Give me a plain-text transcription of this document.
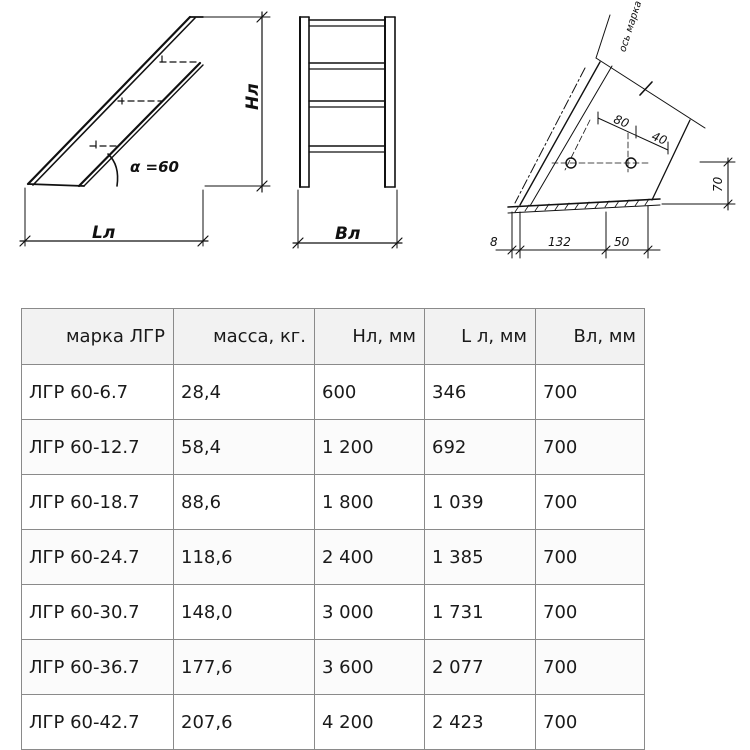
α =60
Hл
Lл	Bл
ось марка
80
40
70
8	132	50
марка ЛГР	масса, кг.	Нл, мм	L л, мм	Вл, мм
ЛГР 60-6.7	28,4	600	346	700
ЛГР 60-12.7	58,4	1 200	692	700
ЛГР 60-18.7	88,6	1 800	1 039	700
ЛГР 60-24.7	118,6	2 400	1 385	700
ЛГР 60-30.7	148,0	3 000	1 731	700
ЛГР 60-36.7	177,6	3 600	2 077	700
ЛГР 60-42.7	207,6	4 200	2 423	700
